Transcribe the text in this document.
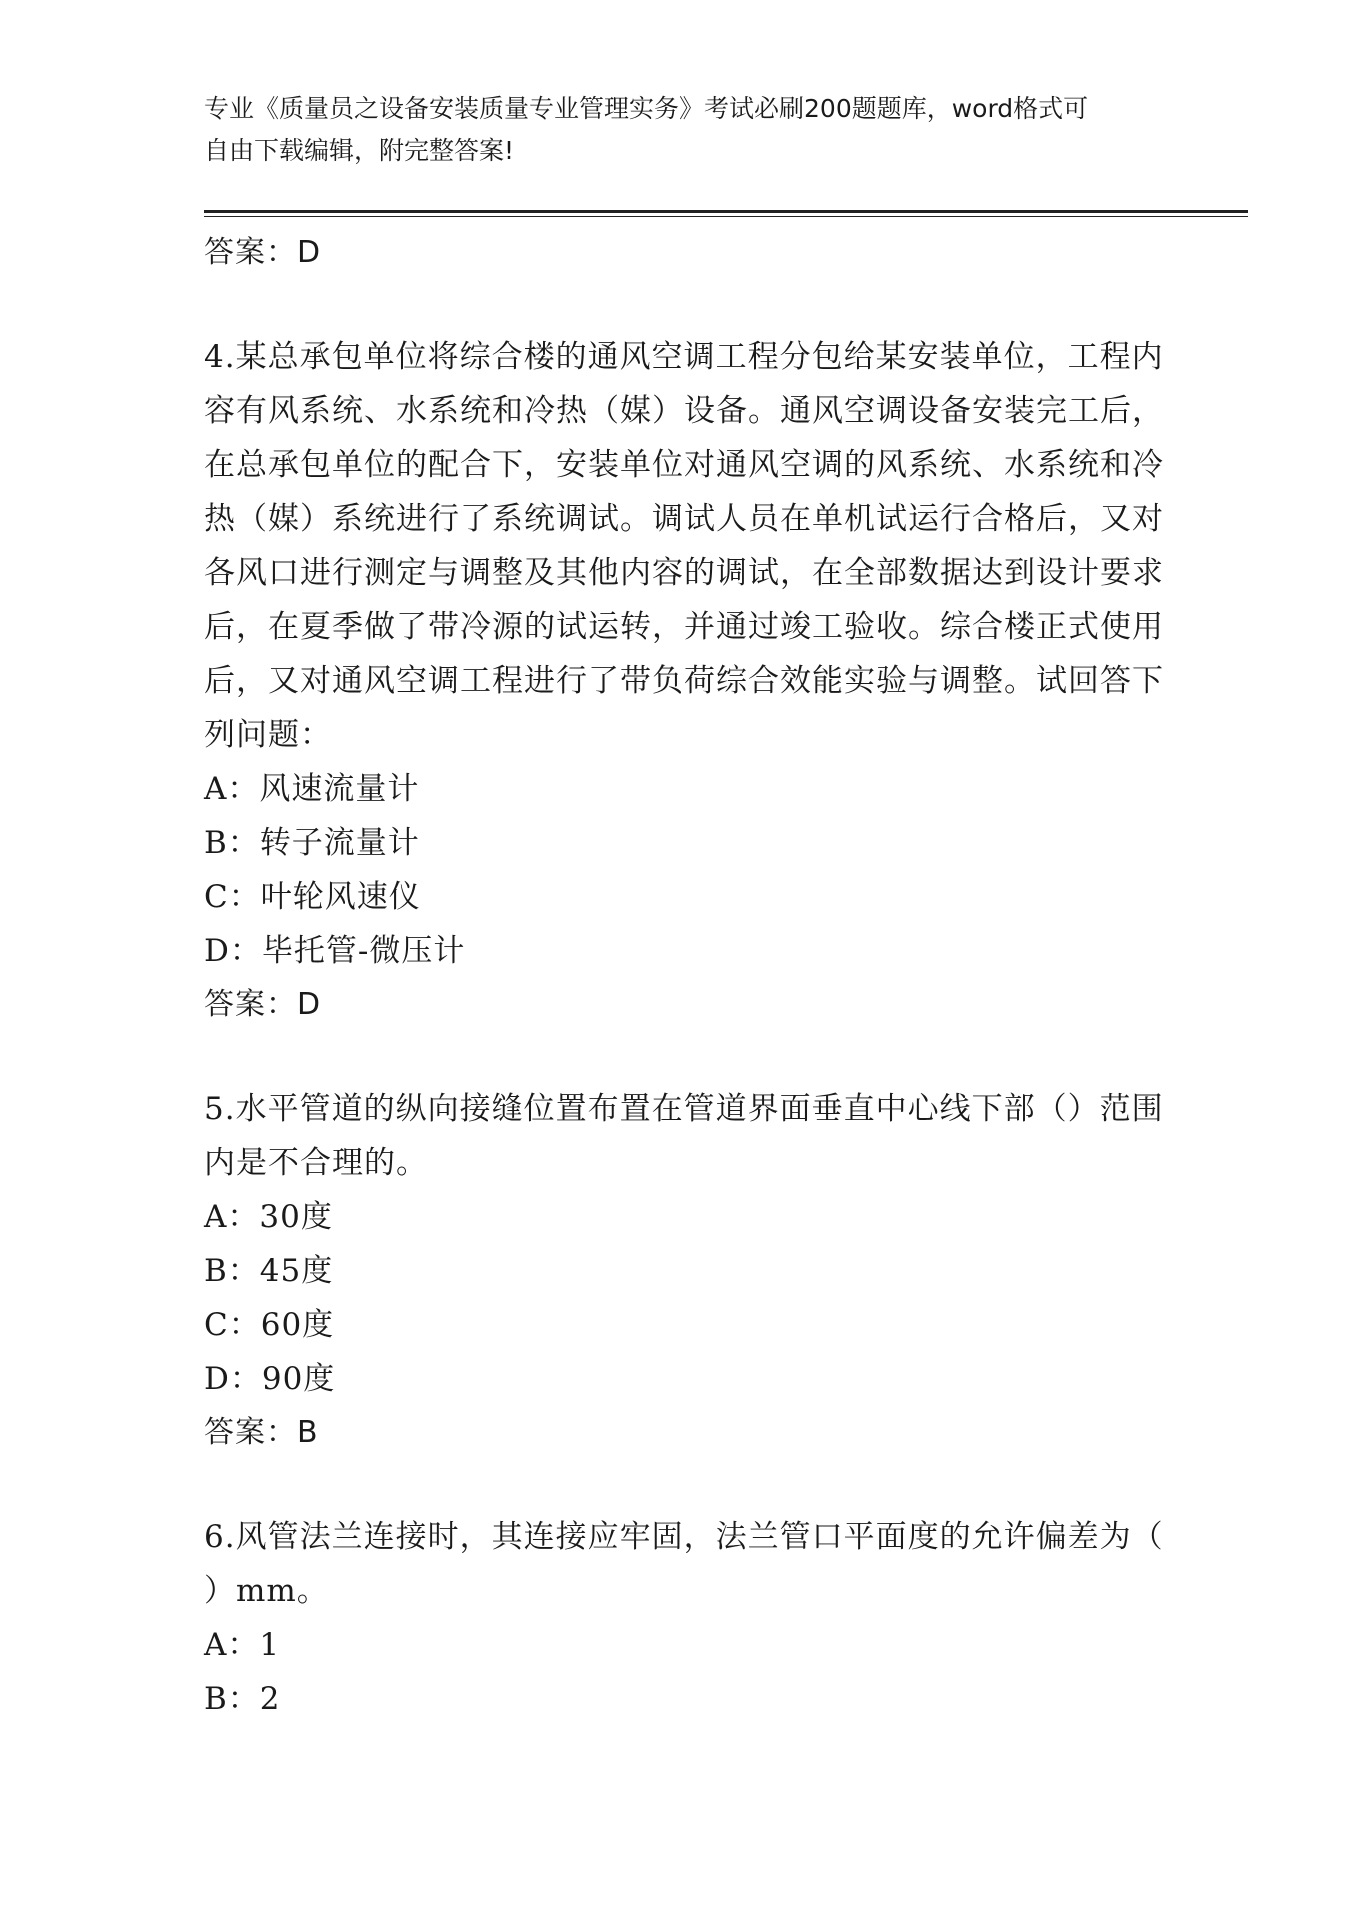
专业《质量员之设备安装质量专业管理实务》考试必刷200题题库，word格式可
自由下载编辑，附完整答案!
答案：D

4.某总承包单位将综合楼的通风空调工程分包给某安装单位，工程内

容有风系统、水系统和冷热（媒）设备。通风空调设备安装完工后，

在总承包单位的配合下，安装单位对通风空调的风系统、水系统和冷

热（媒）系统进行了系统调试。调试人员在单机试运行合格后，又对

各风口进行测定与调整及其他内容的调试，在全部数据达到设计要求

后，在夏季做了带冷源的试运转，并通过竣工验收。综合楼正式使用

后，又对通风空调工程进行了带负荷综合效能实验与调整。试回答下

列问题：

A：风速流量计

B：转子流量计

C：叶轮风速仪

D：毕托管-微压计

答案：D

5.水平管道的纵向接缝位置布置在管道界面垂直中心线下部（）范围

内是不合理的。

A：30度

B：45度

C：60度

D：90度

答案：B

6.风管法兰连接时，其连接应牢固，法兰管口平面度的允许偏差为（

）mm。

A：1

B：2
